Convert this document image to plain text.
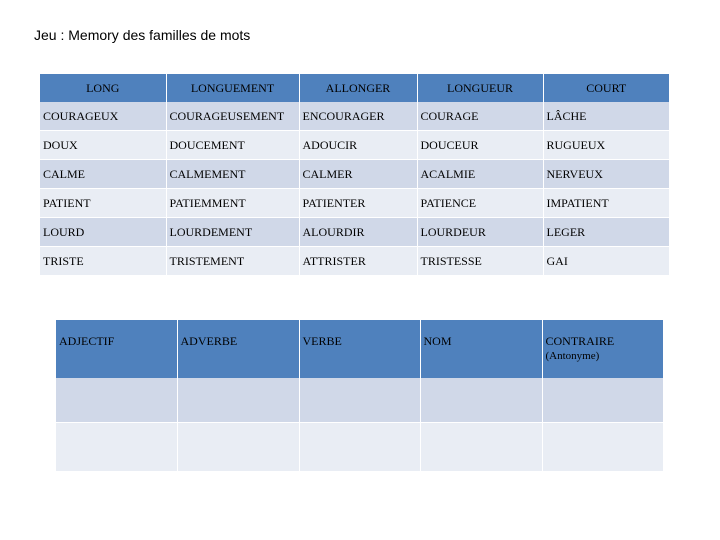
Jeu : Memory des familles de mots
LONG	LONGUEMENT	ALLONGER	LONGUEUR	COURT
COURAGEUX	COURAGEUSEMENT	ENCOURAGER	COURAGE	LÂCHE
DOUX	DOUCEMENT	ADOUCIR	DOUCEUR	RUGUEUX
CALME	CALMEMENT	CALMER	ACALMIE	NERVEUX
PATIENT	PATIEMMENT	PATIENTER	PATIENCE	IMPATIENT
LOURD	LOURDEMENT	ALOURDIR	LOURDEUR	LEGER
TRISTE	TRISTEMENT	ATTRISTER	TRISTESSE	GAI
ADJECTIF	ADVERBE	VERBE	NOM	CONTRAIRE
(Antonyme)
